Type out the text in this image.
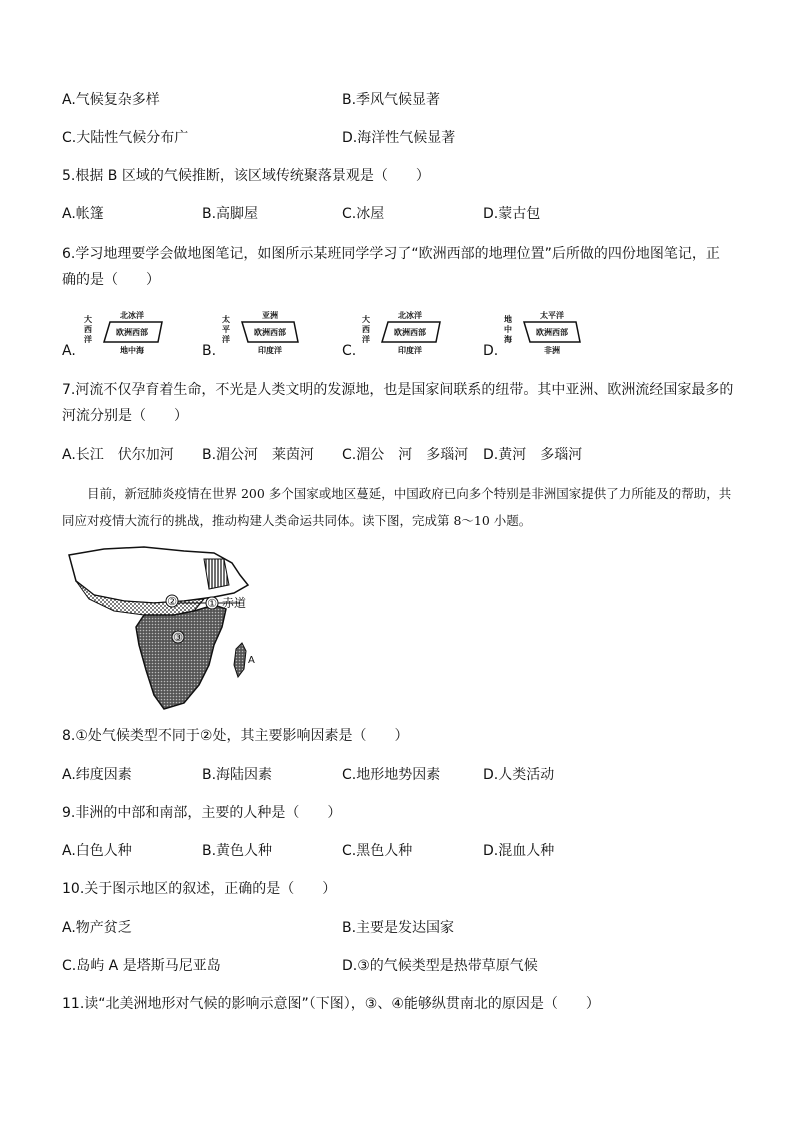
A.气候复杂多样	B.季风气候显著
C.大陆性气候分布广	D.海洋性气候显著
5.根据 B 区域的气候推断，该区域传统聚落景观是（　　）
A.帐篷	B.高脚屋	C.冰屋	D.蒙古包
6.学习地理要学会做地图笔记，如图所示某班同学学习了“欧洲西部的地理位置”后所做的四份地图笔记，正
确的是（　　）
A.
北冰洋
欧洲西部
地中海
大
西
洋
B.
亚洲
欧洲西部
印度洋
太
平
洋
C.
北冰洋
欧洲西部
印度洋
大
西
洋
D.
太平洋
欧洲西部
非洲
地
中
海
7.河流不仅孕育着生命，不光是人类文明的发源地，也是国家间联系的纽带。其中亚洲、欧洲流经国家最多的
河流分别是（　　）
A.长江　伏尔加河 B.湄公河　莱茵河 C.湄公　河　多瑙河 D.黄河　多瑙河
目前，新冠肺炎疫情在世界 200 多个国家或地区蔓延，中国政府已向多个特别是非洲国家提供了力所能及的帮助，共同应对疫情大流行的挑战，推动构建人类命运共同体。读下图，完成第 8～10 小题。
②	① 赤道
③
A
8.①处气候类型不同于②处，其主要影响因素是（　　）
A.纬度因素	B.海陆因素	C.地形地势因素	D.人类活动
9.非洲的中部和南部，主要的人种是（　　）
A.白色人种	B.黄色人种	C.黑色人种	D.混血人种
10.关于图示地区的叙述，正确的是（　　）
A.物产贫乏	B.主要是发达国家
C.岛屿 A 是塔斯马尼亚岛	D.③的气候类型是热带草原气候
11.读“北美洲地形对气候的影响示意图”（下图），③、④能够纵贯南北的原因是（　　）
